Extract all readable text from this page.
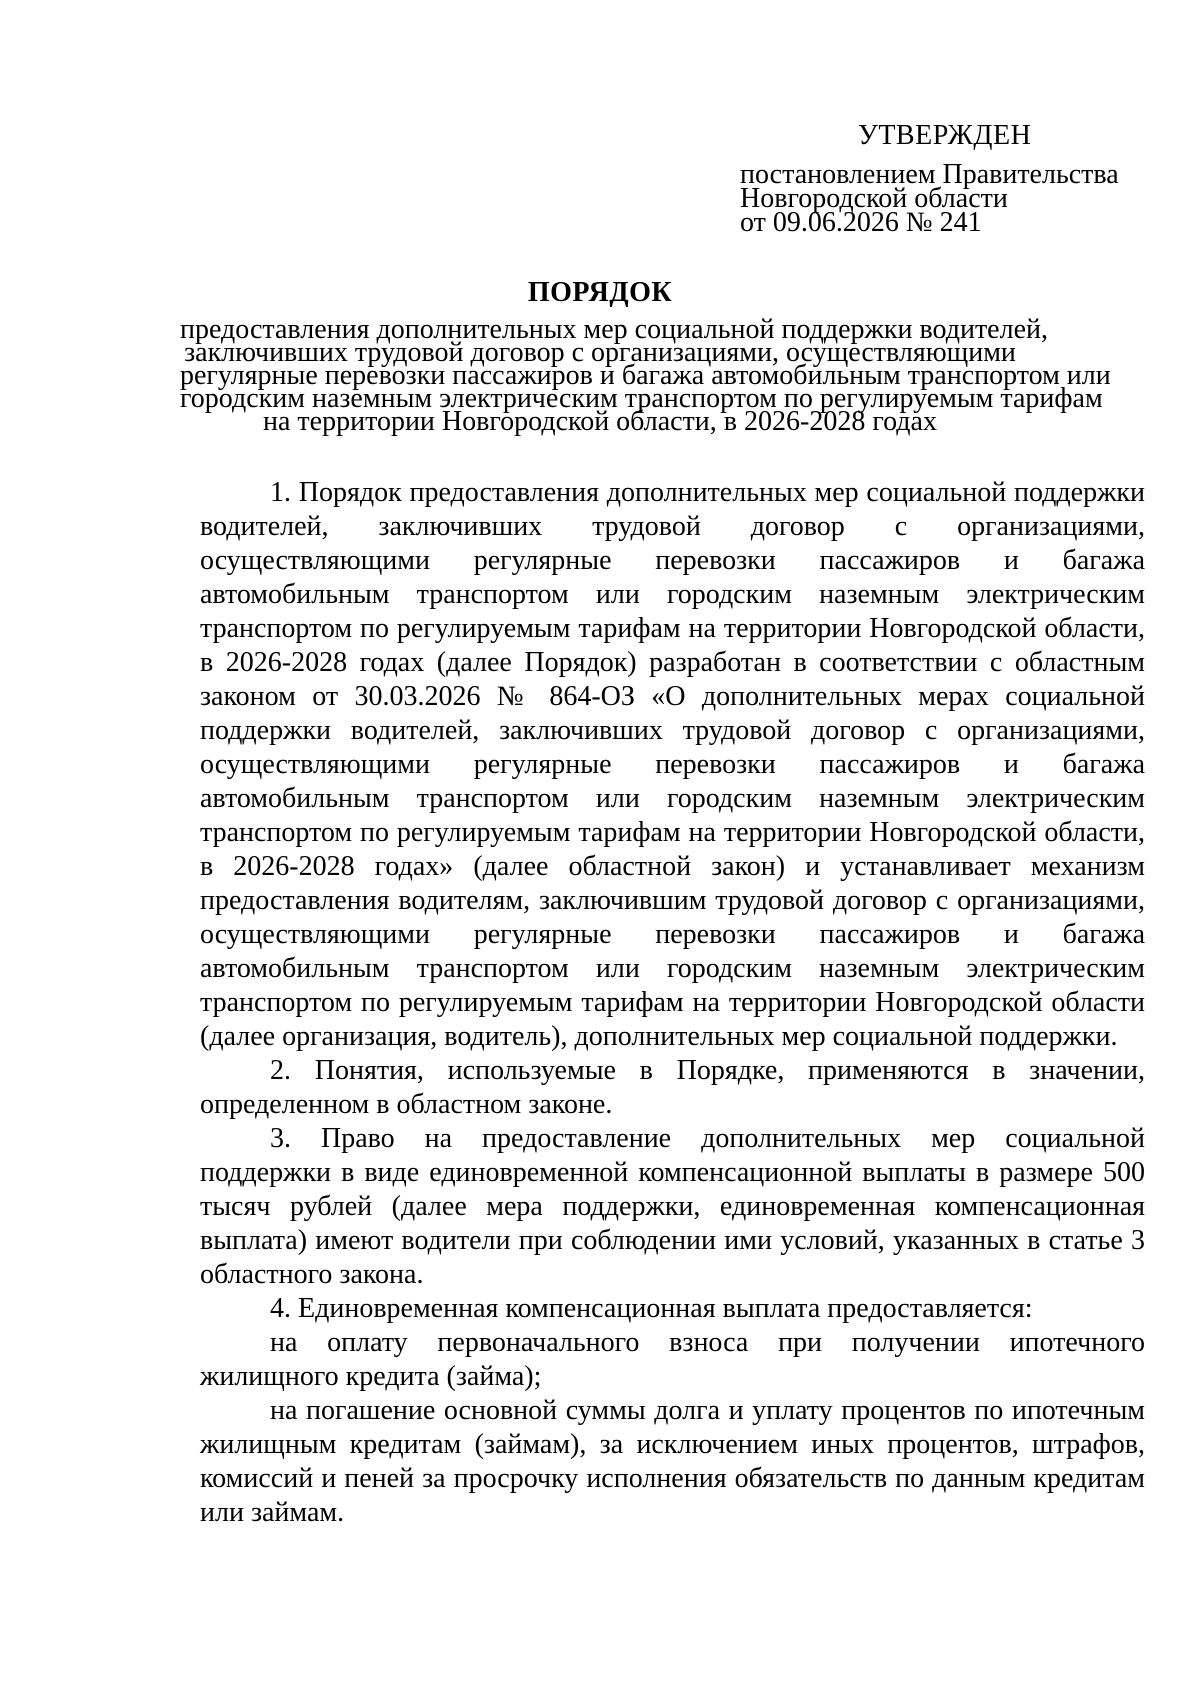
УТВЕРЖДЕН
постановлением Правительства
Новгородской области
от 09.06.2026 № 241
ПОРЯДОК
предоставления дополнительных мер социальной поддержки водителей,
заключивших трудовой договор с организациями, осуществляющими
регулярные перевозки пассажиров и багажа автомобильным транспортом или
городским наземным электрическим транспортом по регулируемым тарифам
на территории Новгородской области, в 2026-2028 годах

1. Порядок предоставления дополнительных мер социальной поддержки водителей, заключивших трудовой договор с организациями, осуществляющими регулярные перевозки пассажиров и багажа автомобильным транспортом или городским наземным электрическим транспортом по регулируемым тарифам на территории Новгородской области, в 2026-2028 годах (далее Порядок) разработан в соответствии с областным законом от 30.03.2026 № 864-ОЗ «О дополнительных мерах социальной поддержки водителей, заключивших трудовой договор с организациями, осуществляющими регулярные перевозки пассажиров и багажа автомобильным транспортом или городским наземным электрическим транспортом по регулируемым тарифам на территории Новгородской области, в 2026-2028 годах» (далее областной закон) и устанавливает механизм предоставления водителям, заключившим трудовой договор с организациями, осуществляющими регулярные перевозки пассажиров и багажа автомобильным транспортом или городским наземным электрическим транспортом по регулируемым тарифам на территории Новгородской области (далее организация, водитель), дополнительных мер социальной поддержки.

2. Понятия, используемые в Порядке, применяются в значении, определенном в областном законе.

3. Право на предоставление дополнительных мер социальной поддержки в виде единовременной компенсационной выплаты в размере 500 тысяч рублей (далее мера поддержки, единовременная компенсационная выплата) имеют водители при соблюдении ими условий, указанных в статье 3 областного закона.

4. Единовременная компенсационная выплата предоставляется:

на оплату первоначального взноса при получении ипотечного жилищного кредита (займа);

на погашение основной суммы долга и уплату процентов по ипотечным жилищным кредитам (займам), за исключением иных процентов, штрафов, комиссий и пеней за просрочку исполнения обязательств по данным кредитам или займам.
